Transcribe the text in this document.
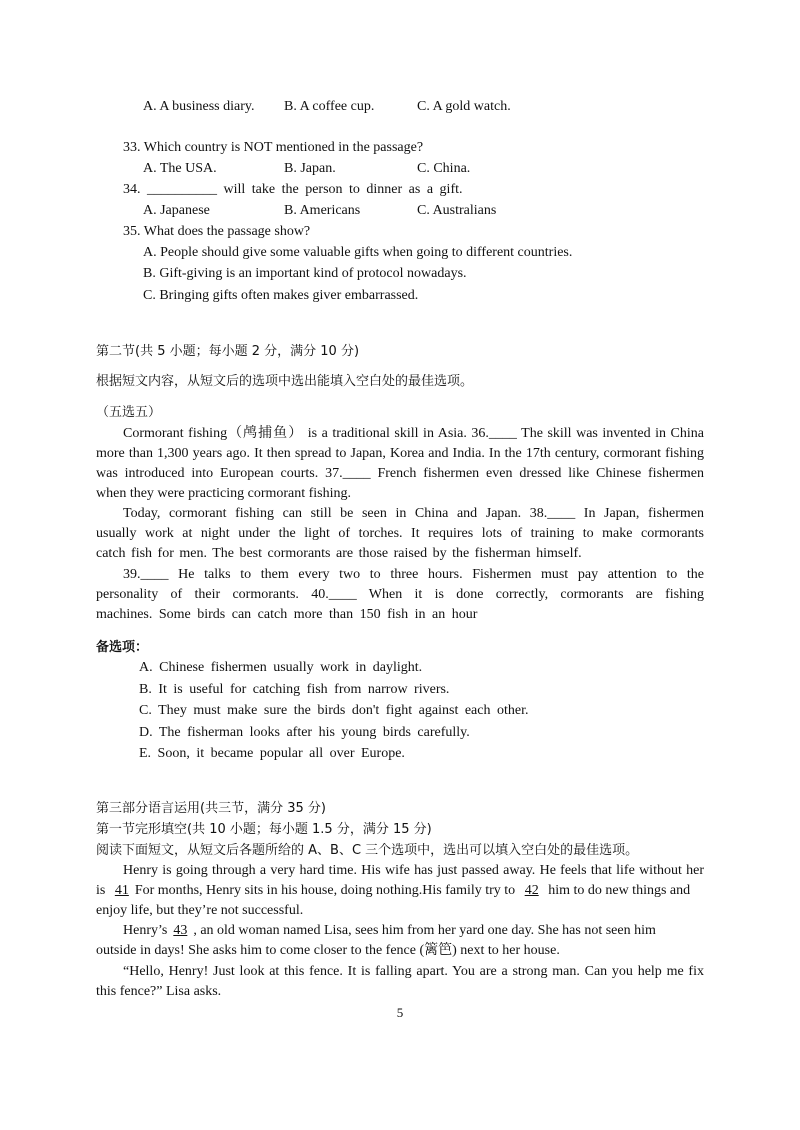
A. A business diary. B. A coffee cup.	C. A gold watch.
33. Which country is NOT mentioned in the passage?
A. The USA.	B. Japan.	C. China.
34. __________ will take the person to dinner as a gift.
A. Japanese	B. Americans	C. Australians
35. What does the passage show?
A. People should give some valuable gifts when going to different countries.
B. Gift-giving is an important kind of protocol nowadays.
C. Bringing gifts often makes giver embarrassed.
第二节(共 5 小题；每小题 2 分，满分 10 分)
根据短文内容，从短文后的选项中选出能填入空白处的最佳选项。
（五选五）
Cormorant fishing（鸬捕鱼） is a traditional skill in Asia. 36.____ The skill was invented in China
more than 1,300 years ago. It then spread to Japan, Korea and India. In the 17th century, cormorant fishing
was introduced into European courts. 37.____ French fishermen even dressed like Chinese fishermen
when they were practicing cormorant fishing.
Today, cormorant fishing can still be seen in China and Japan. 38.____ In Japan, fishermen
usually work at night under the light of torches. It requires lots of training to make cormorants
catch fish for men. The best cormorants are those raised by the fisherman himself.
39.____ He talks to them every two to three hours. Fishermen must pay attention to the
personality of their cormorants. 40.____ When it is done correctly, cormorants are fishing
machines. Some birds can catch more than 150 fish in an hour
备选项：
A. Chinese fishermen usually work in daylight.
B. It is useful for catching fish from narrow rivers.
C. They must make sure the birds don't fight against each other.
D. The fisherman looks after his young birds carefully.
E. Soon, it became popular all over Europe.
第三部分语言运用(共三节，满分 35 分)
第一节完形填空(共 10 小题；每小题 1.5 分，满分 15 分)
阅读下面短文，从短文后各题所给的 A、B、C 三个选项中，选出可以填入空白处的最佳选项。
Henry is going through a very hard time. His wife has just passed away. He feels that life without her
is 41 For months, Henry sits in his house, doing nothing.His family try to 42 him to do new things and
enjoy life, but they’re not successful.
Henry’s 43 , an old woman named Lisa, sees him from her yard one day. She has not seen him
outside in days! She asks him to come closer to the fence (篱笆) next to her house.
“Hello, Henry! Just look at this fence. It is falling apart. You are a strong man. Can you help me fix
this fence?” Lisa asks.
5
